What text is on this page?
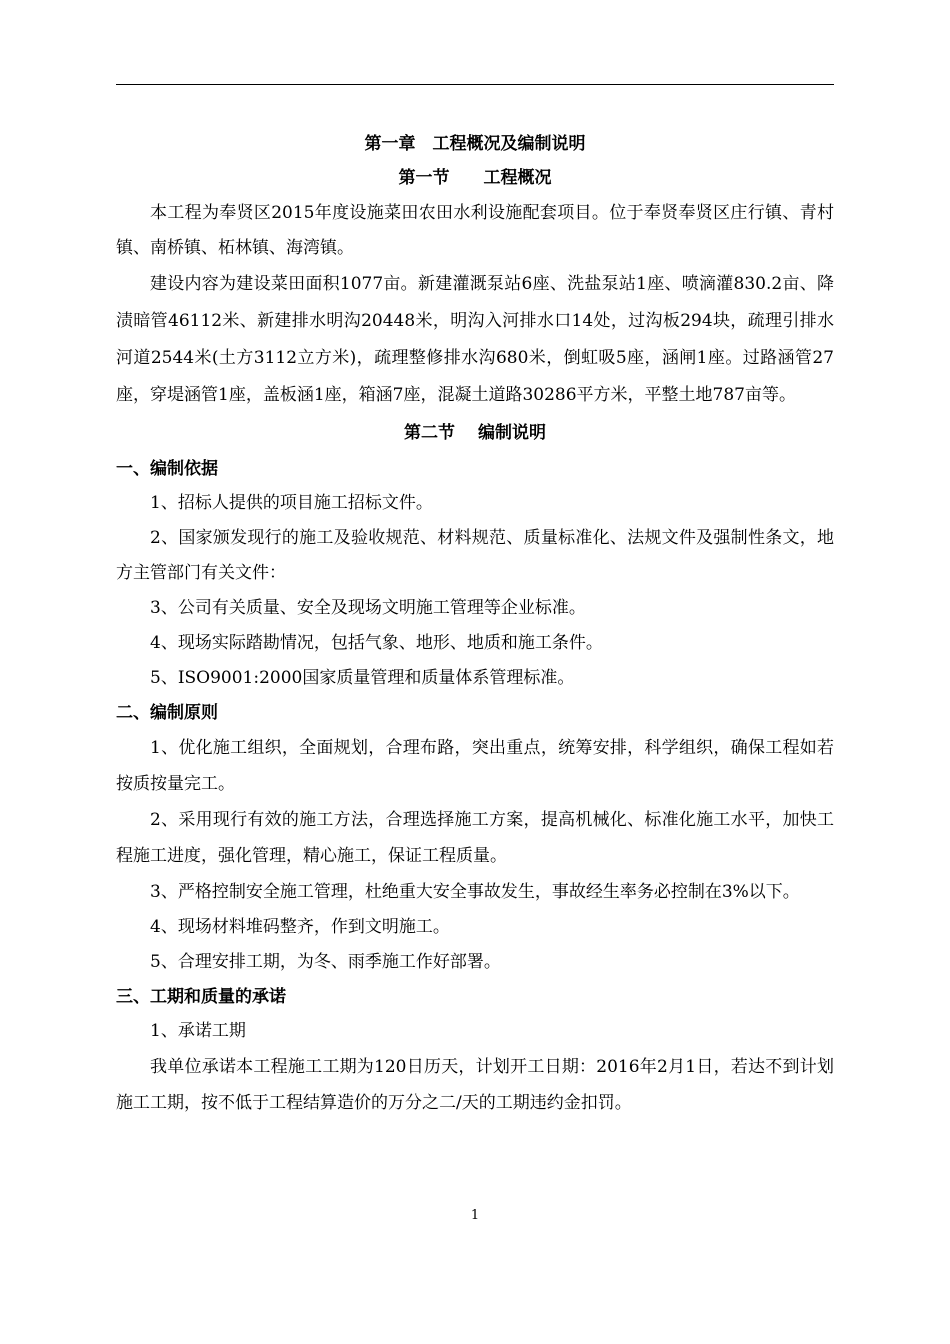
第一章　工程概况及编制说明
第一节　　工程概况

本工程为奉贤区2015年度设施菜田农田水利设施配套项目。位于奉贤奉贤区庄行镇、青村镇、南桥镇、柘林镇、海湾镇。

建设内容为建设菜田面积1077亩。新建灌溉泵站6座、洗盐泵站1座、喷滴灌830.2亩、降渍暗管46112米、新建排水明沟20448米，明沟入河排水口14处，过沟板294块，疏理引排水河道2544米(土方3112立方米)，疏理整修排水沟680米，倒虹吸5座，涵闸1座。过路涵管27座，穿堤涵管1座，盖板涵1座，箱涵7座，混凝土道路30286平方米，平整土地787亩等。

第二节　 编制说明
一、编制依据

1、招标人提供的项目施工招标文件。

2、国家颁发现行的施工及验收规范、材料规范、质量标准化、法规文件及强制性条文，地方主管部门有关文件：

3、公司有关质量、安全及现场文明施工管理等企业标准。

4、现场实际踏勘情况，包括气象、地形、地质和施工条件。

5、ISO9001:2000国家质量管理和质量体系管理标准。

二、编制原则

1、优化施工组织，全面规划，合理布路，突出重点，统筹安排，科学组织，确保工程如若按质按量完工。

2、采用现行有效的施工方法，合理选择施工方案，提高机械化、标准化施工水平，加快工程施工进度，强化管理，精心施工，保证工程质量。

3、严格控制安全施工管理，杜绝重大安全事故发生，事故经生率务必控制在3%以下。

4、现场材料堆码整齐，作到文明施工。

5、合理安排工期，为冬、雨季施工作好部署。

三、工期和质量的承诺

1、承诺工期

我单位承诺本工程施工工期为120日历天，计划开工日期：2016年2月1日，若达不到计划施工工期，按不低于工程结算造价的万分之二/天的工期违约金扣罚。

1
